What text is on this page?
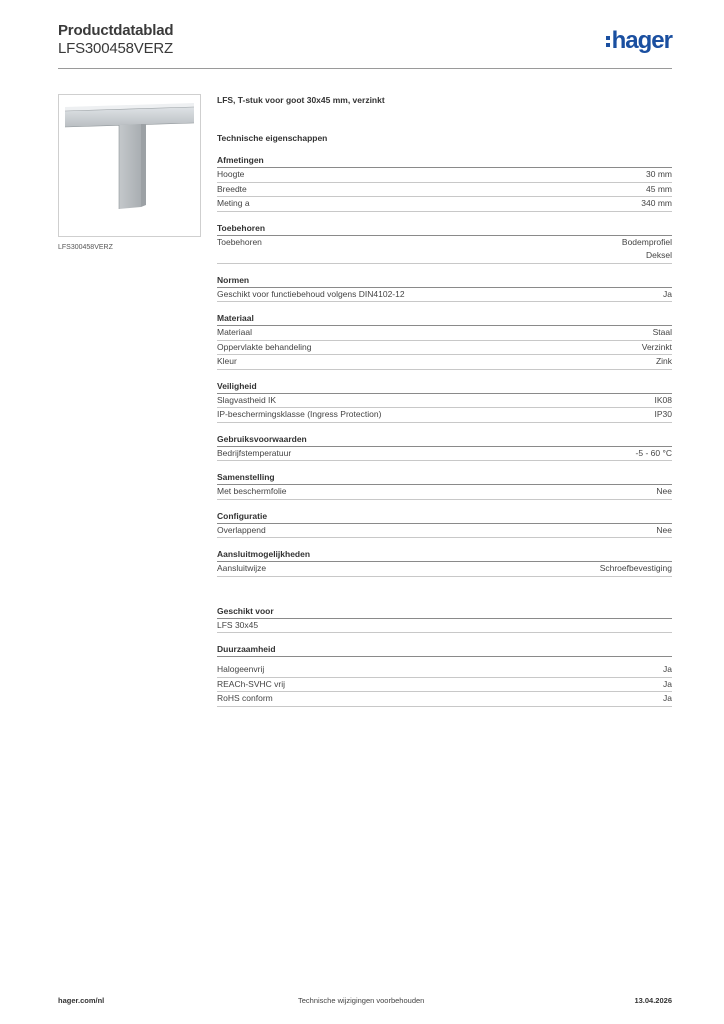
Productdatablad
LFS300458VERZ	hager
LFS300458VERZ
LFS, T-stuk voor goot 30x45 mm, verzinkt
Technische eigenschappen
Afmetingen
Hoogte	30 mm
Breedte	45 mm
Meting a	340 mm
Toebehoren
Toebehoren	Bodemprofiel
Deksel
Normen
Geschikt voor functiebehoud volgens DIN4102-12	Ja
Materiaal
Materiaal	Staal
Oppervlakte behandeling	Verzinkt
Kleur	Zink
Veiligheid
Slagvastheid IK	IK08
IP-beschermingsklasse (Ingress Protection)	IP30
Gebruiksvoorwaarden
Bedrijfstemperatuur	-5 - 60 °C
Samenstelling
Met beschermfolie	Nee
Configuratie
Overlappend	Nee
Aansluitmogelijkheden
Aansluitwijze	Schroefbevestiging
Geschikt voor
LFS 30x45
Duurzaamheid
Halogeenvrij	Ja
REACh-SVHC vrij	Ja
RoHS conform	Ja
hager.com/nl	Technische wijzigingen voorbehouden	13.04.2026
